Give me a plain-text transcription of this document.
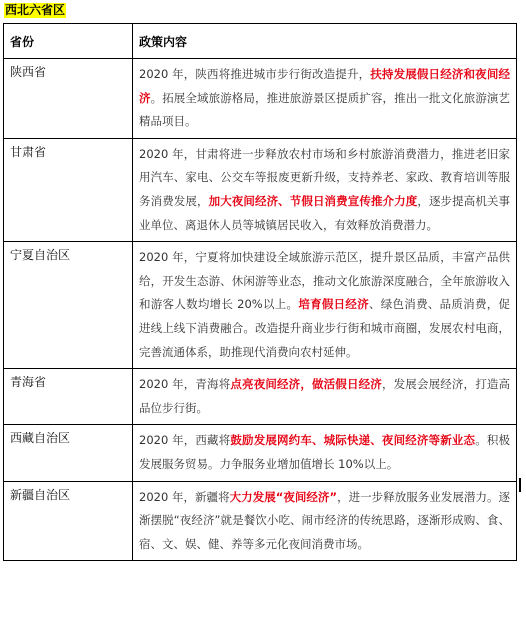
西北六省区
省份	政策内容
陕西省	2020 年，陕西将推进城市步行街改造提升，扶持发展假日经济和夜间经济。拓展全域旅游格局，推进旅游景区提质扩容，推出一批文化旅游演艺精品项目。
甘肃省	2020 年，甘肃将进一步释放农村市场和乡村旅游消费潜力，推进老旧家用汽车、家电、公交车等报废更新升级，支持养老、家政、教育培训等服务消费发展，加大夜间经济、节假日消费宣传推介力度，逐步提高机关事业单位、离退休人员等城镇居民收入，有效释放消费潜力。
宁夏自治区	2020 年，宁夏将加快建设全域旅游示范区，提升景区品质，丰富产品供给，开发生态游、休闲游等业态，推动文化旅游深度融合，全年旅游收入和游客人数均增长 20%以上。培育假日经济、绿色消费、品质消费，促进线上线下消费融合。改造提升商业步行街和城市商圈，发展农村电商，完善流通体系，助推现代消费向农村延伸。
青海省	2020 年，青海将点亮夜间经济，做活假日经济，发展会展经济，打造高品位步行街。
西藏自治区	2020 年，西藏将鼓励发展网约车、城际快递、夜间经济等新业态。积极发展服务贸易。力争服务业增加值增长 10%以上。
新疆自治区	2020 年，新疆将大力发展“夜间经济”，进一步释放服务业发展潜力。逐渐摆脱“夜经济”就是餐饮小吃、闹市经济的传统思路，逐渐形成购、食、宿、文、娱、健、养等多元化夜间消费市场。
